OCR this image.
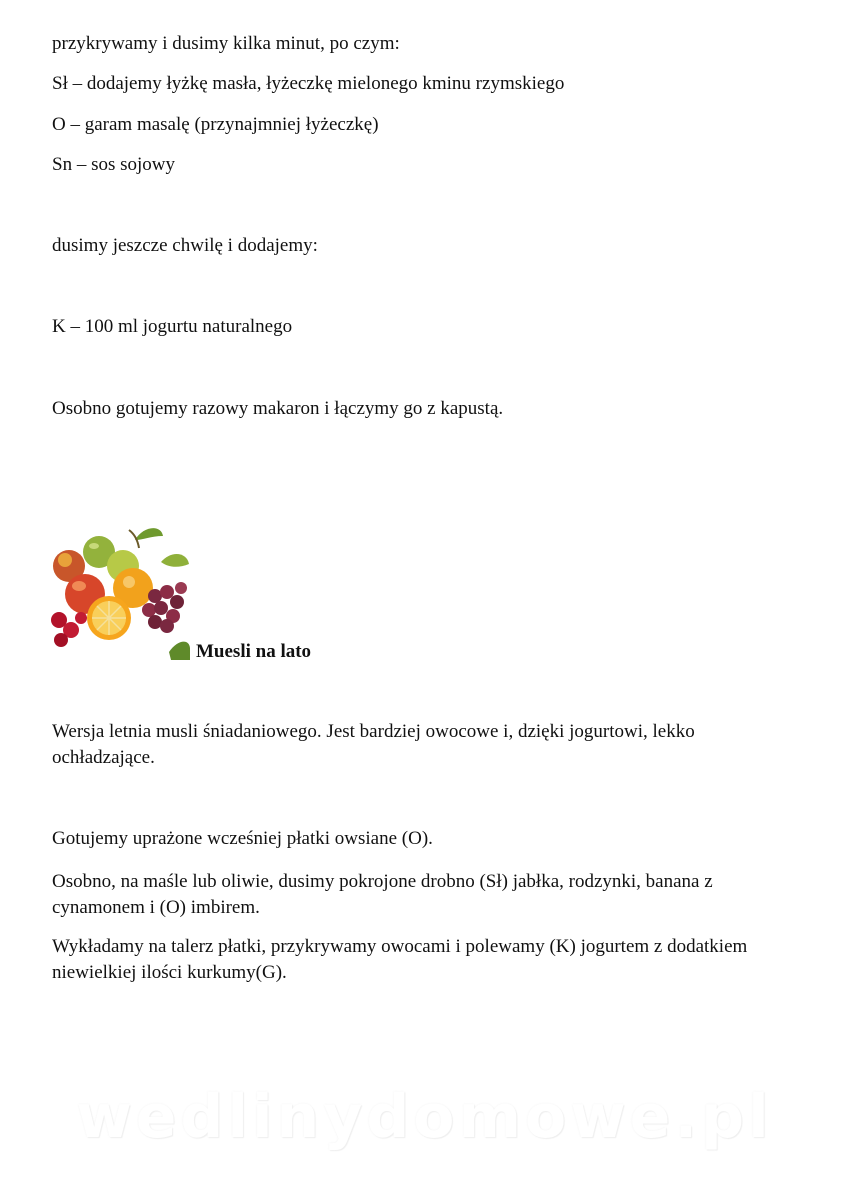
przykrywamy i dusimy kilka minut, po czym:
Sł – dodajemy łyżkę masła, łyżeczkę mielonego kminu rzymskiego
O – garam masalę (przynajmniej łyżeczkę)
Sn – sos sojowy
dusimy jeszcze chwilę i dodajemy:
K – 100 ml jogurtu naturalnego
Osobno gotujemy razowy makaron i łączymy go z kapustą.
Muesli na lato
Wersja letnia musli śniadaniowego. Jest bardziej owocowe i, dzięki jogurtowi, lekko ochładzające.
Gotujemy uprażone wcześniej płatki owsiane (O).
Osobno, na maśle lub oliwie, dusimy pokrojone drobno (Sł) jabłka, rodzynki, banana z cynamonem i (O) imbirem.
Wykładamy na talerz płatki, przykrywamy owocami i polewamy (K) jogurtem z dodatkiem niewielkiej ilości kurkumy(G).
wedlinydomowe.pl
